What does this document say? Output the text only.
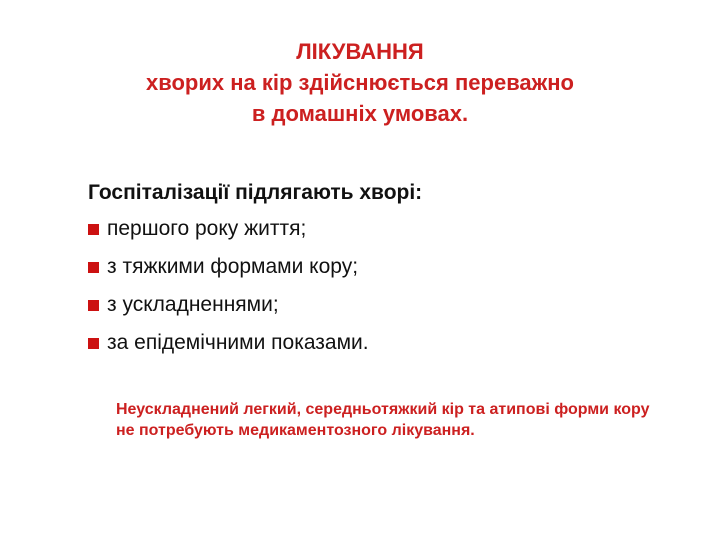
ЛІКУВАННЯ
хворих на кір здійснюється переважно
в домашніх умовах.

Госпіталізації підлягають хворі:

першого року життя;
з тяжкими формами кору;
з ускладненнями;
за епідемічними показами.

Неускладнений легкий, середньотяжкий кір та атипові форми кору не потребують медикаментозного лікування.
